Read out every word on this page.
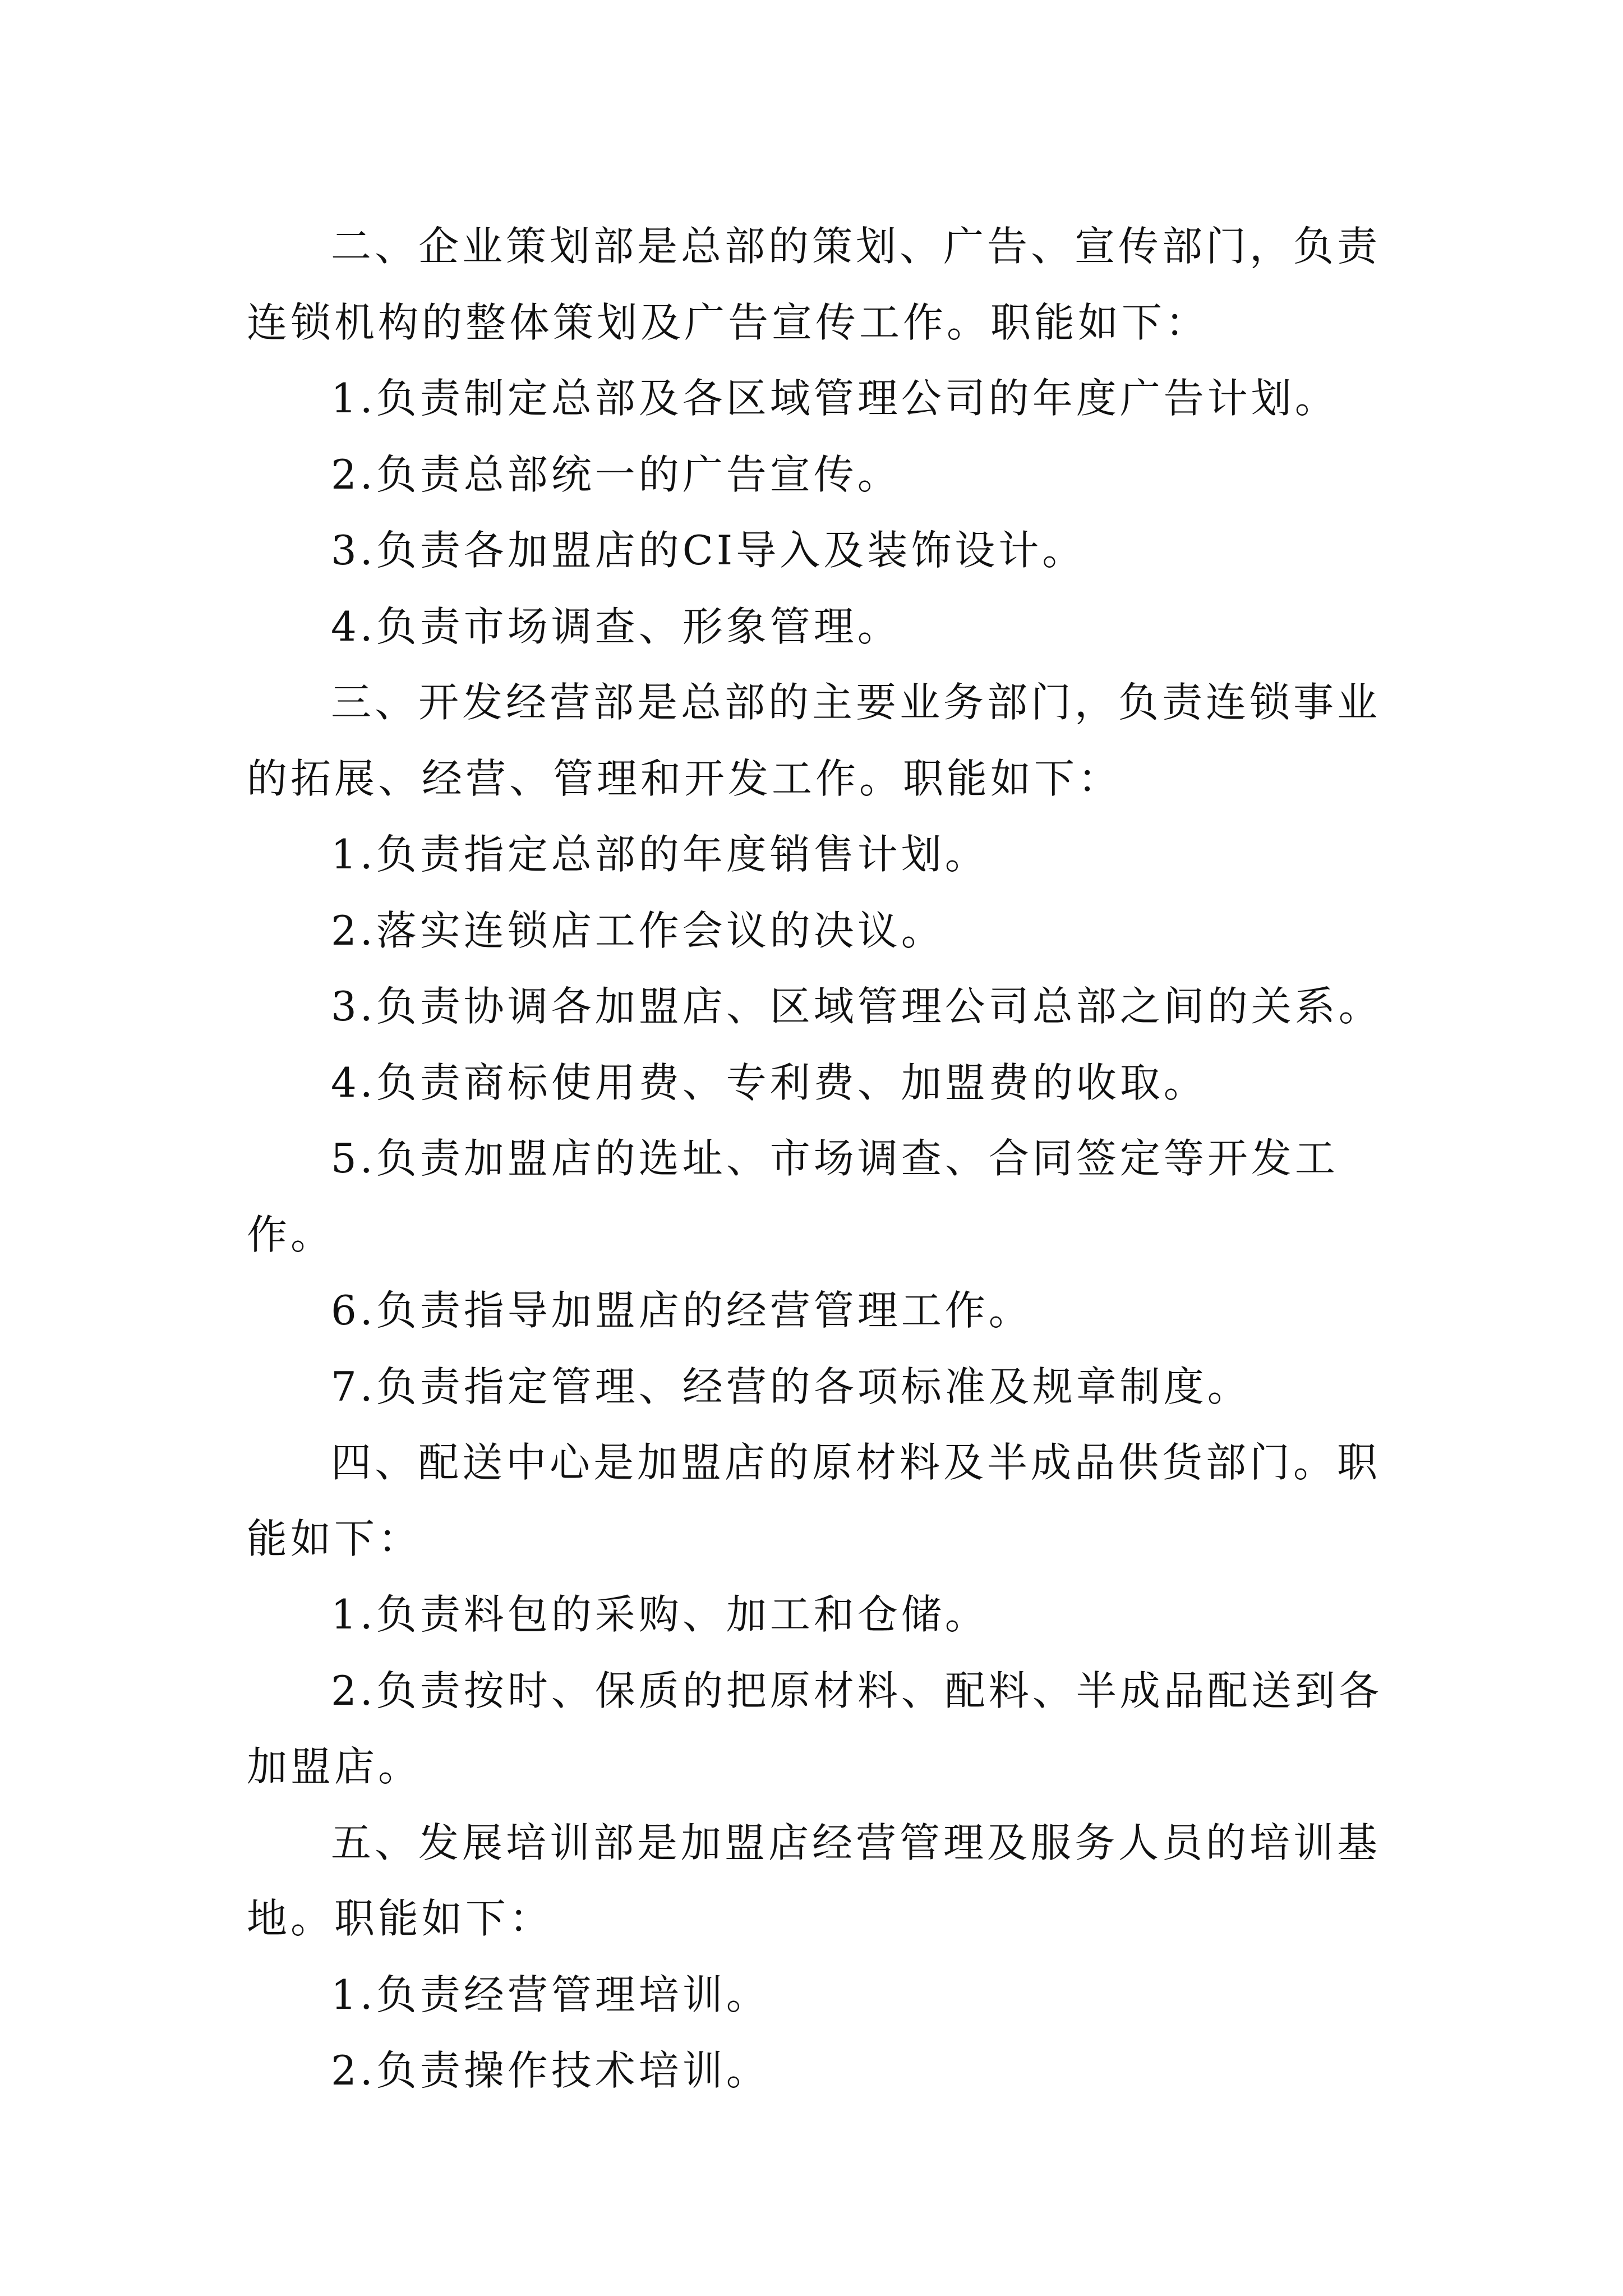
二、企业策划部是总部的策划、广告、宣传部门，负责连锁机构的整体策划及广告宣传工作。职能如下：

1.负责制定总部及各区域管理公司的年度广告计划。

2.负责总部统一的广告宣传。

3.负责各加盟店的CI导入及装饰设计。

4.负责市场调查、形象管理。

三、开发经营部是总部的主要业务部门，负责连锁事业的拓展、经营、管理和开发工作。职能如下：

1.负责指定总部的年度销售计划。

2.落实连锁店工作会议的决议。

3.负责协调各加盟店、区域管理公司总部之间的关系。

4.负责商标使用费、专利费、加盟费的收取。

5.负责加盟店的选址、市场调查、合同签定等开发工作。

6.负责指导加盟店的经营管理工作。

7.负责指定管理、经营的各项标准及规章制度。

四、配送中心是加盟店的原材料及半成品供货部门。职能如下：

1.负责料包的采购、加工和仓储。

2.负责按时、保质的把原材料、配料、半成品配送到各加盟店。

五、发展培训部是加盟店经营管理及服务人员的培训基地。职能如下：

1.负责经营管理培训。

2.负责操作技术培训。
